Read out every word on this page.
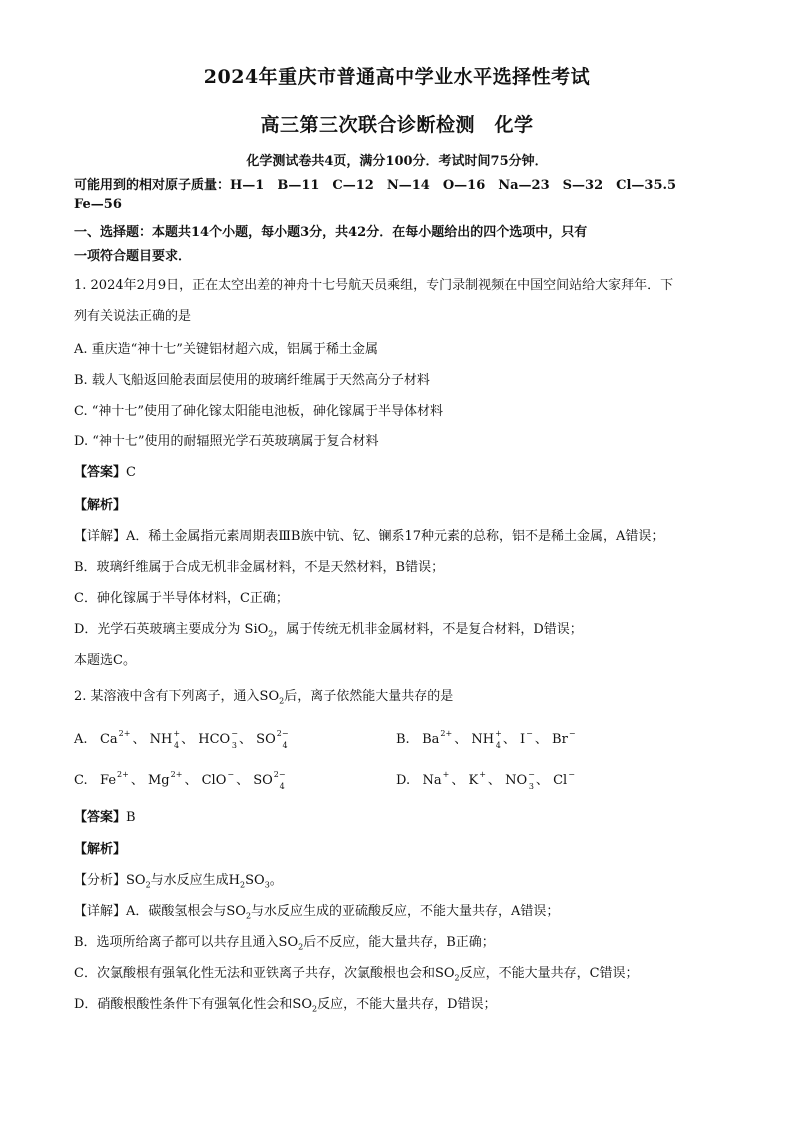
2024年重庆市普通高中学业水平选择性考试
高三第三次联合诊断检测　化学
化学测试卷共4页，满分100分．考试时间75分钟．
可能用到的相对原子质量：H—1　B—11　C—12　N—14　O—16　Na—23　S—32　Cl—35.5
Fe—56
一、选择题：本题共14个小题，每小题3分，共42分．在每小题给出的四个选项中，只有
一项符合题目要求．
1. 2024年2月9日，正在太空出差的神舟十七号航天员乘组，专门录制视频在中国空间站给大家拜年．下
列有关说法正确的是
A. 重庆造“神十七”关键铝材超六成，铝属于稀土金属
B. 载人飞船返回舱表面层使用的玻璃纤维属于天然高分子材料
C. “神十七”使用了砷化镓太阳能电池板，砷化镓属于半导体材料
D. “神十七”使用的耐辐照光学石英玻璃属于复合材料
【答案】C
【解析】
【详解】A．稀土金属指元素周期表ⅢB族中钪、钇、镧系17种元素的总称，铝不是稀土金属，A错误；
B．玻璃纤维属于合成无机非金属材料，不是天然材料，B错误；
C．砷化镓属于半导体材料，C正确；
D．光学石英玻璃主要成分为 SiO$_2$，属于传统无机非金属材料，不是复合材料，D错误；
本题选C。
2. 某溶液中含有下列离子，通入$SO_2$后，离子依然能大量共存的是
A. $Ca^{2+}$ 、 $NH^+_4$ 、 $HCO^-_3$ 、 $SO^{2-}_4$	B. $Ba^{2+}$ 、 $NH^+_4$ 、 I− 、 Br−
C. $Fe^{2+}$ 、 $Mg^{2+}$ 、 ClO− 、 $SO^{2-}_4$	D. Na+ 、 K+ 、 $NO^-_3$ 、 Cl−
【答案】B
【解析】
【分析】$SO_2$与水反应生成$H_2SO_3$。
【详解】A．碳酸氢根会与$SO_2$与水反应生成的亚硫酸反应，不能大量共存，A错误；
B．选项所给离子都可以共存且通入$SO_2$后不反应，能大量共存，B正确；
C．次氯酸根有强氧化性无法和亚铁离子共存，次氯酸根也会和$SO_2$反应，不能大量共存，C错误；
D．硝酸根酸性条件下有强氧化性会和$SO_2$反应，不能大量共存，D错误；
